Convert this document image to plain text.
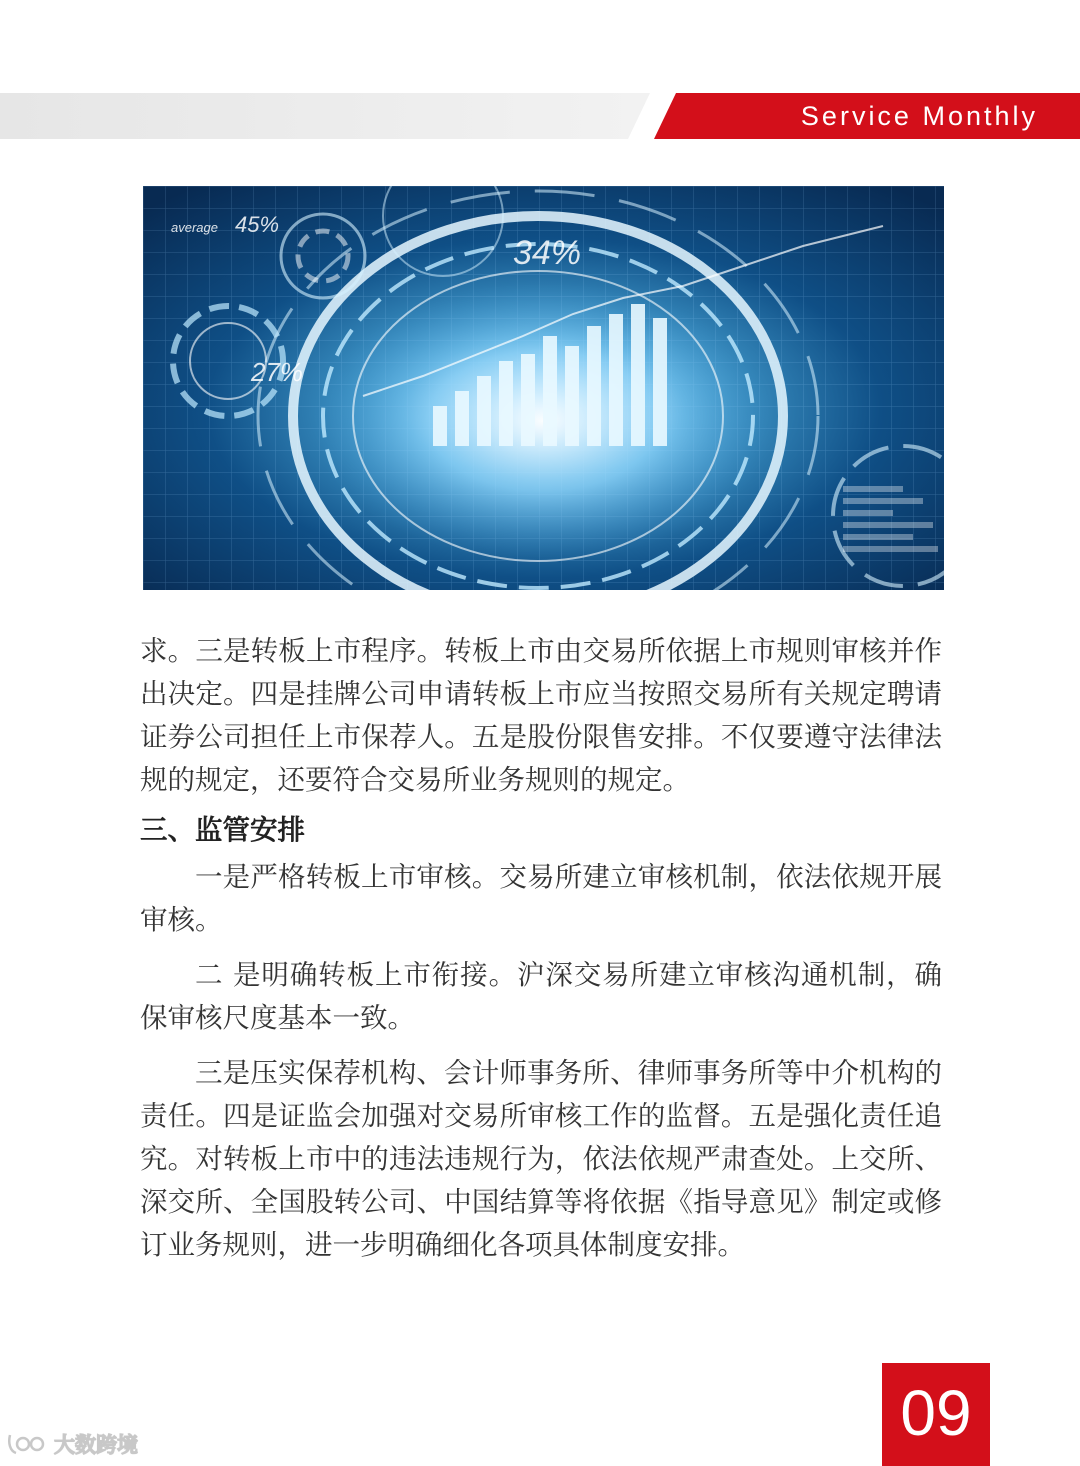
Service Monthly
average 45%
34%
27%

求。三是转板上市程序。转板上市由交易所依据上市规则审核并作出决定。四是挂牌公司申请转板上市应当按照交易所有关规定聘请证券公司担任上市保荐人。五是股份限售安排。不仅要遵守法律法规的规定，还要符合交易所业务规则的规定。

三、监管安排

一是严格转板上市审核。交易所建立审核机制，依法依规开展审核。

二 是明确转板上市衔接。沪深交易所建立审核沟通机制，确保审核尺度基本一致。

三是压实保荐机构、会计师事务所、律师事务所等中介机构的责任。四是证监会加强对交易所审核工作的监督。五是强化责任追究。对转板上市中的违法违规行为，依法依规严肃查处。上交所、深交所、全国股转公司、中国结算等将依据《指导意见》制定或修订业务规则，进一步明确细化各项具体制度安排。

09
大数跨境
